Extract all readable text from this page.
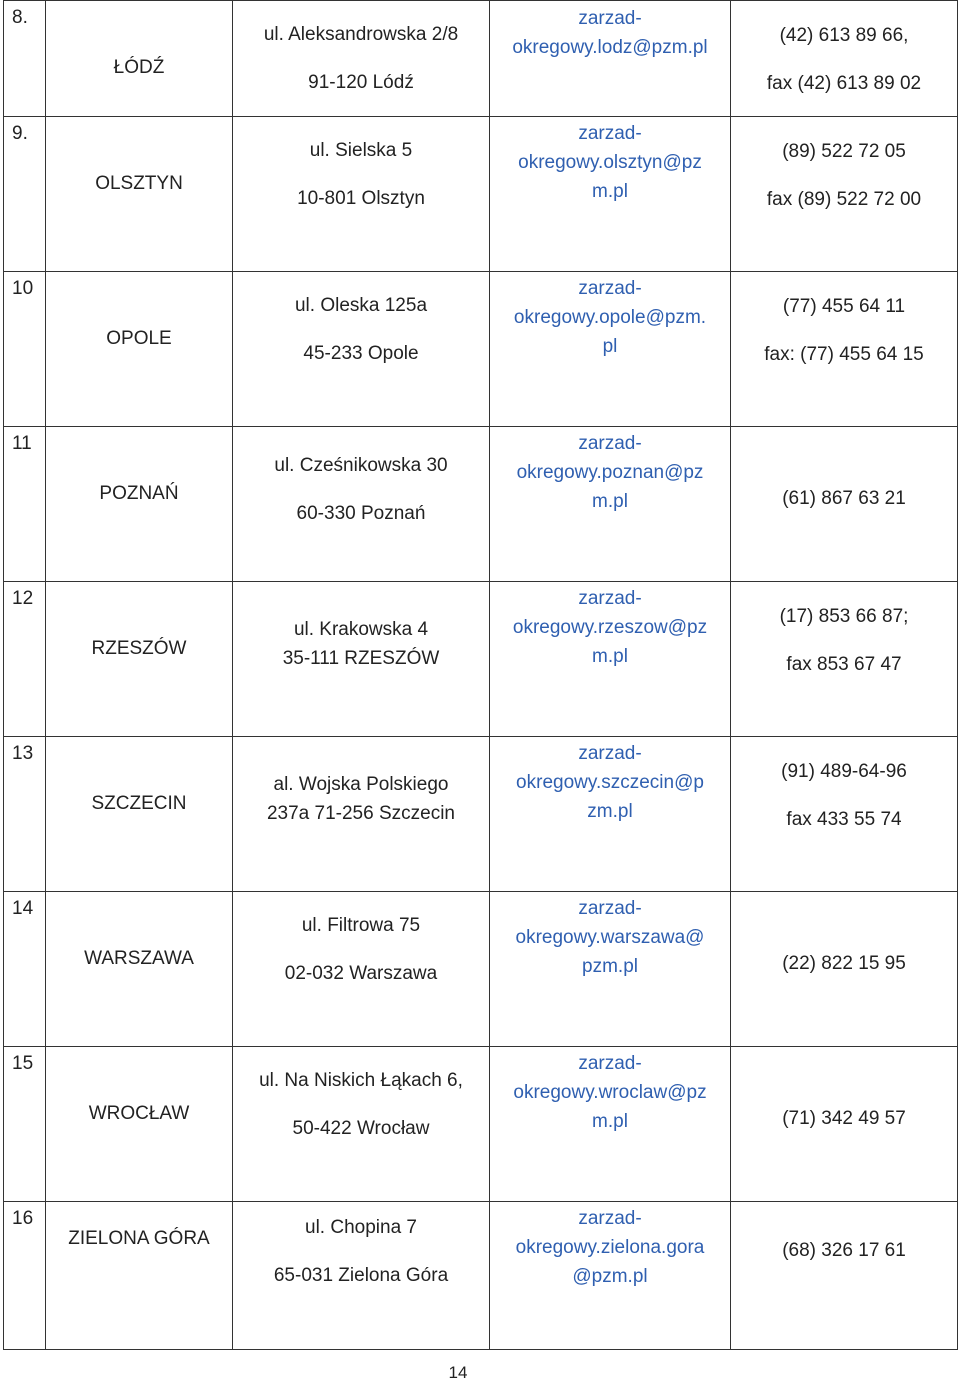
8.	ŁÓDŹ	ul. Aleksandrowska 2/8
91-120 Lódź	zarzad-
okregowy.lodz@pzm.pl	(42) 613 89 66,
fax (42) 613 89 02

9.	OLSZTYN	ul. Sielska 5
10-801 Olsztyn	zarzad-
okregowy.olsztyn@pz
m.pl	(89) 522 72 05
fax (89) 522 72 00

10	OPOLE	ul. Oleska 125a
45-233 Opole	zarzad-
okregowy.opole@pzm.
pl	(77) 455 64 11
fax: (77) 455 64 15

11	POZNAŃ	ul. Cześnikowska 30
60-330 Poznań	zarzad-
okregowy.poznan@pz
m.pl	(61) 867 63 21

12	RZESZÓW	ul. Krakowska 4
35-111 RZESZÓW	zarzad-
okregowy.rzeszow@pz
m.pl	(17) 853 66 87;
fax 853 67 47

13	SZCZECIN	al. Wojska Polskiego
237a 71-256 Szczecin	zarzad-
okregowy.szczecin@p
zm.pl	(91) 489-64-96
fax 433 55 74

14	WARSZAWA	ul. Filtrowa 75
02-032 Warszawa	zarzad-
okregowy.warszawa@
pzm.pl	(22) 822 15 95

15	WROCŁAW	ul. Na Niskich Łąkach 6,
50-422 Wrocław	zarzad-
okregowy.wroclaw@pz
m.pl	(71) 342 49 57

16	ZIELONA GÓRA	ul. Chopina 7
65-031 Zielona Góra	zarzad-
okregowy.zielona.gora
@pzm.pl	(68) 326 17 61
14
